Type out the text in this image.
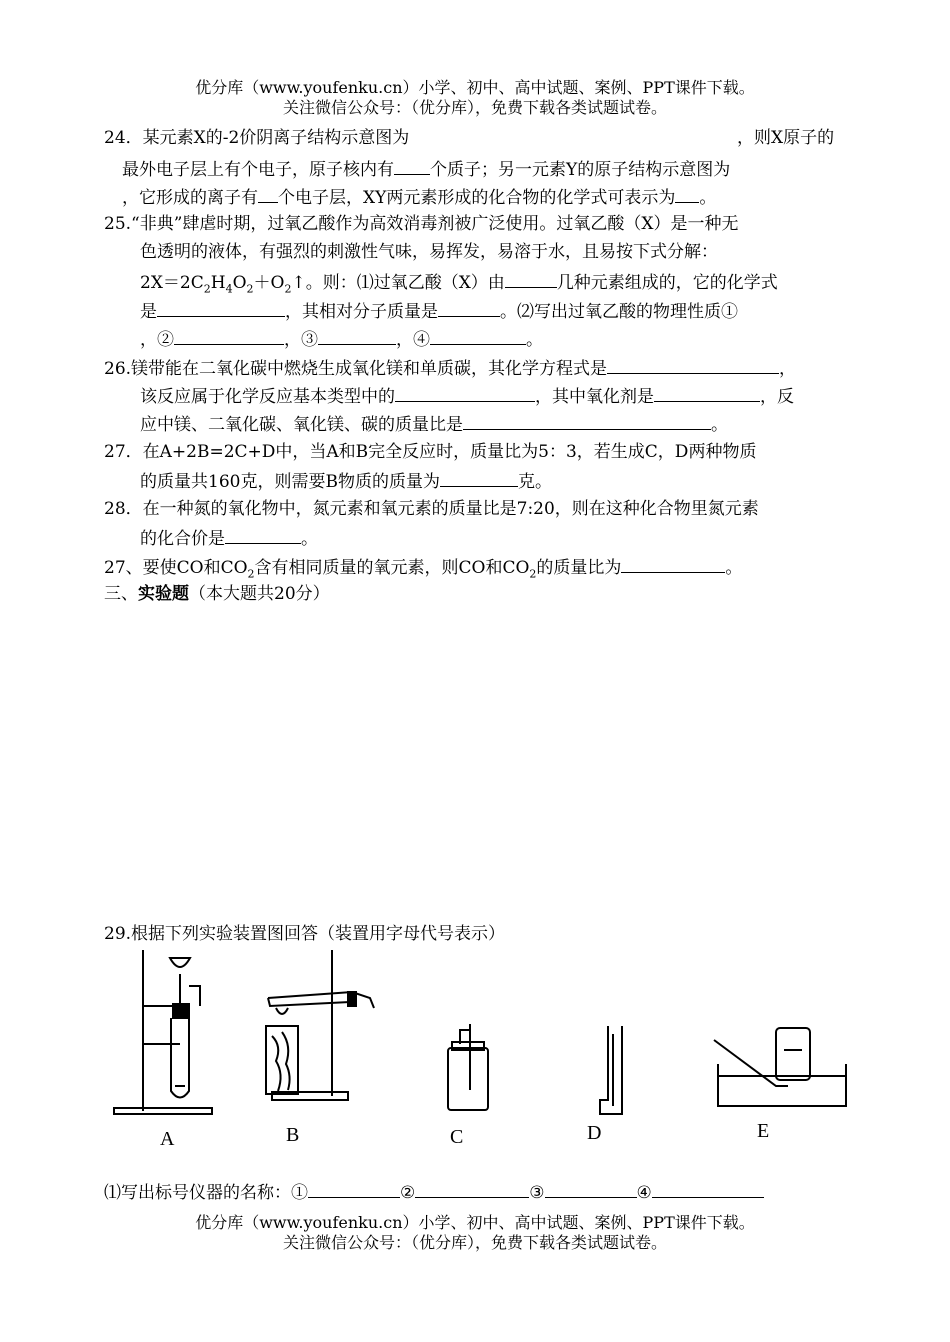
优分库（www.youfenku.cn）小学、初中、高中试题、案例、PPT课件下载。
关注微信公众号：（优分库），免费下载各类试题试卷。
24．某元素X的-2价阴离子结构示意图为	，则X原子的
最外电子层上有个电子，原子核内有 个质子；另一元素Y的原子结构示意图为
，它形成的离子有 个电子层，XY两元素形成的化合物的化学式可表示为 。
25.“非典”肆虐时期，过氧乙酸作为高效消毒剂被广泛使用。过氧乙酸（X）是一种无
色透明的液体，有强烈的刺激性气味，易挥发，易溶于水，且易按下式分解：
$2X=2C_2H_4O_2+O_2↑$。则：⑴过氧乙酸（X）由	几种元素组成的，它的化学式
是	，其相对分子质量是	。⑵写出过氧乙酸的物理性质①
，②	，③	，④	。
26.镁带能在二氧化碳中燃烧生成氧化镁和单质碳，其化学方程式是	，
该反应属于化学反应基本类型中的	，其中氧化剂是	，反
应中镁、二氧化碳、氧化镁、碳的质量比是	。
27．在A+2B=2C+D中，当A和B完全反应时，质量比为5：3，若生成C，D两种物质
的质量共160克，则需要B物质的质量为	克。
28．在一种氮的氧化物中，氮元素和氧元素的质量比是7:20，则在这种化合物里氮元素
的化合价是	。
27、要使CO和$CO_2$含有相同质量的氧元素，则CO和$CO_2$的质量比为	。
三、实验题（本大题共20分）
29.根据下列实验装置图回答（装置用字母代号表示）
A	B	C	D	E
⑴写出标号仪器的名称：①	②	③	④
优分库（www.youfenku.cn）小学、初中、高中试题、案例、PPT课件下载。
关注微信公众号：（优分库），免费下载各类试题试卷。
